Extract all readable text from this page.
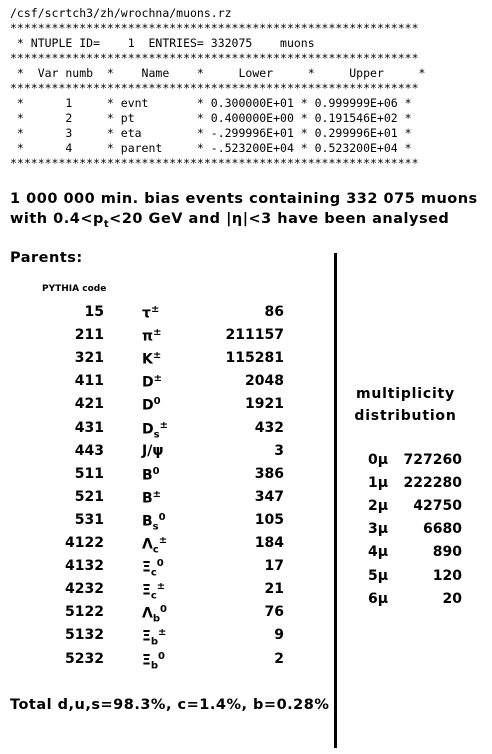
/csf/scrtch3/zh/wrochna/muons.rz
***********************************************************
* NTUPLE ID=    1  ENTRIES= 332075    muons
***********************************************************
*  Var numb  *    Name    *     Lower     *     Upper     *
***********************************************************
*      1     * evnt       * 0.300000E+01 * 0.999999E+06 *
*      2     * pt         * 0.400000E+00 * 0.191546E+02 *
*      3     * eta        * -.299996E+01 * 0.299996E+01 *
*      4     * parent     * -.523200E+04 * 0.523200E+04 *
***********************************************************
1 000 000 min. bias events containing 332 075 muons
with $0.4<p_t<20$ GeV and |η|<3 have been analysed
Parents:
PYTHIA code
15	τ±	86
211	π±	211157
321	K±	115281
411	D±	2048
421	$D^0$	1921
431	$D_s^\pm$	432
443	J/ψ	3
511	$B^0$	386
521	B±	347
531	$B_s^0$	105
4122	$\Lambda_c^\pm$	184
4132	$\Xi_c^0$	17
4232	$\Xi_c^\pm$	21
5122	$\Lambda_b^0$	76
5132	$\Xi_b^\pm$	9
5232	$\Xi_b^0$	2
multiplicity
distribution
0μ 727260
1μ 222280
2μ 42750
3μ 6680
4μ	890
5μ	120
6μ	20
Total d,u,s=98.3%, c=1.4%, b=0.28%
